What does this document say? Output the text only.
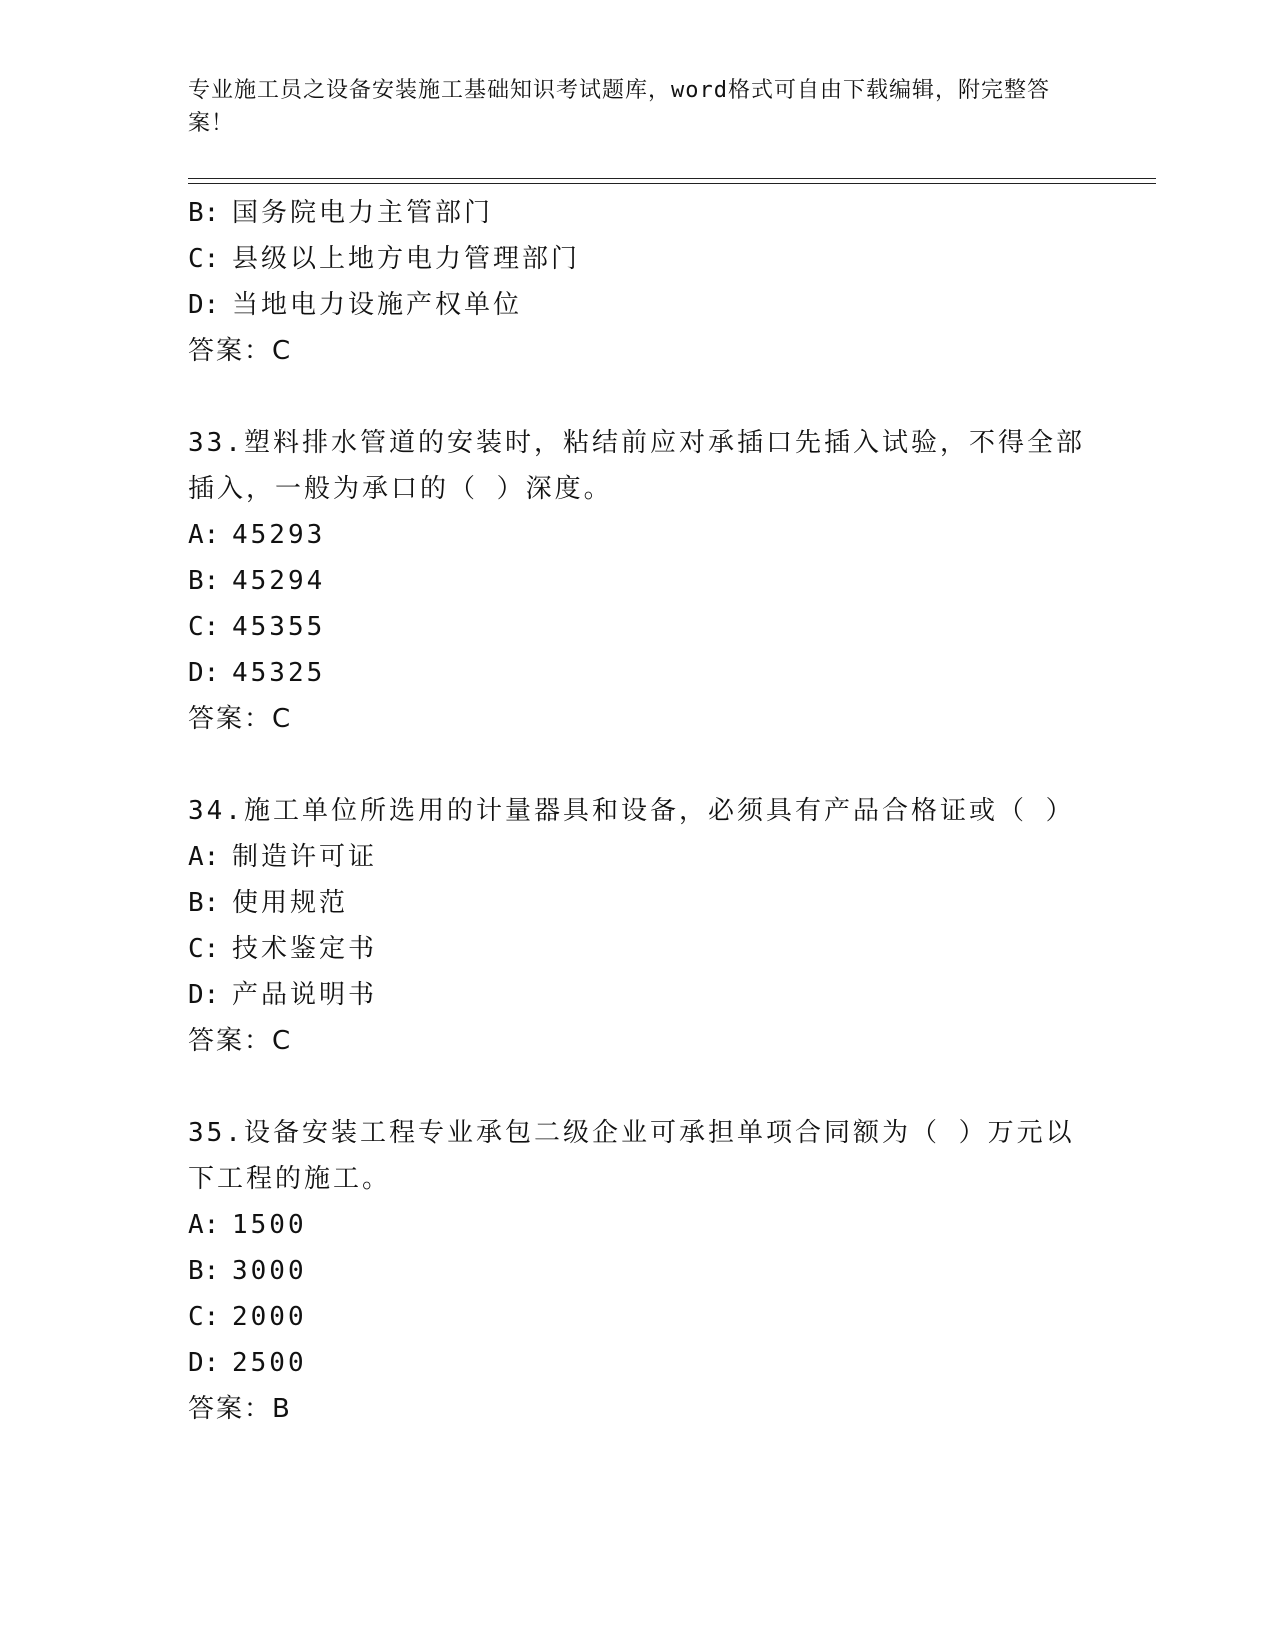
专业施工员之设备安装施工基础知识考试题库，word格式可自由下载编辑，附完整答案！
B: 国务院电力主管部门
C: 县级以上地方电力管理部门
D: 当地电力设施产权单位
答案：C
33.塑料排水管道的安装时，粘结前应对承插口先插入试验，不得全部插入，一般为承口的（ ）深度。
A: 45293
B: 45294
C: 45355
D: 45325
答案：C
34.施工单位所选用的计量器具和设备，必须具有产品合格证或（ ）
A: 制造许可证
B: 使用规范
C: 技术鉴定书
D: 产品说明书
答案：C
35.设备安装工程专业承包二级企业可承担单项合同额为（ ）万元以下工程的施工。
A: 1500
B: 3000
C: 2000
D: 2500
答案：B
